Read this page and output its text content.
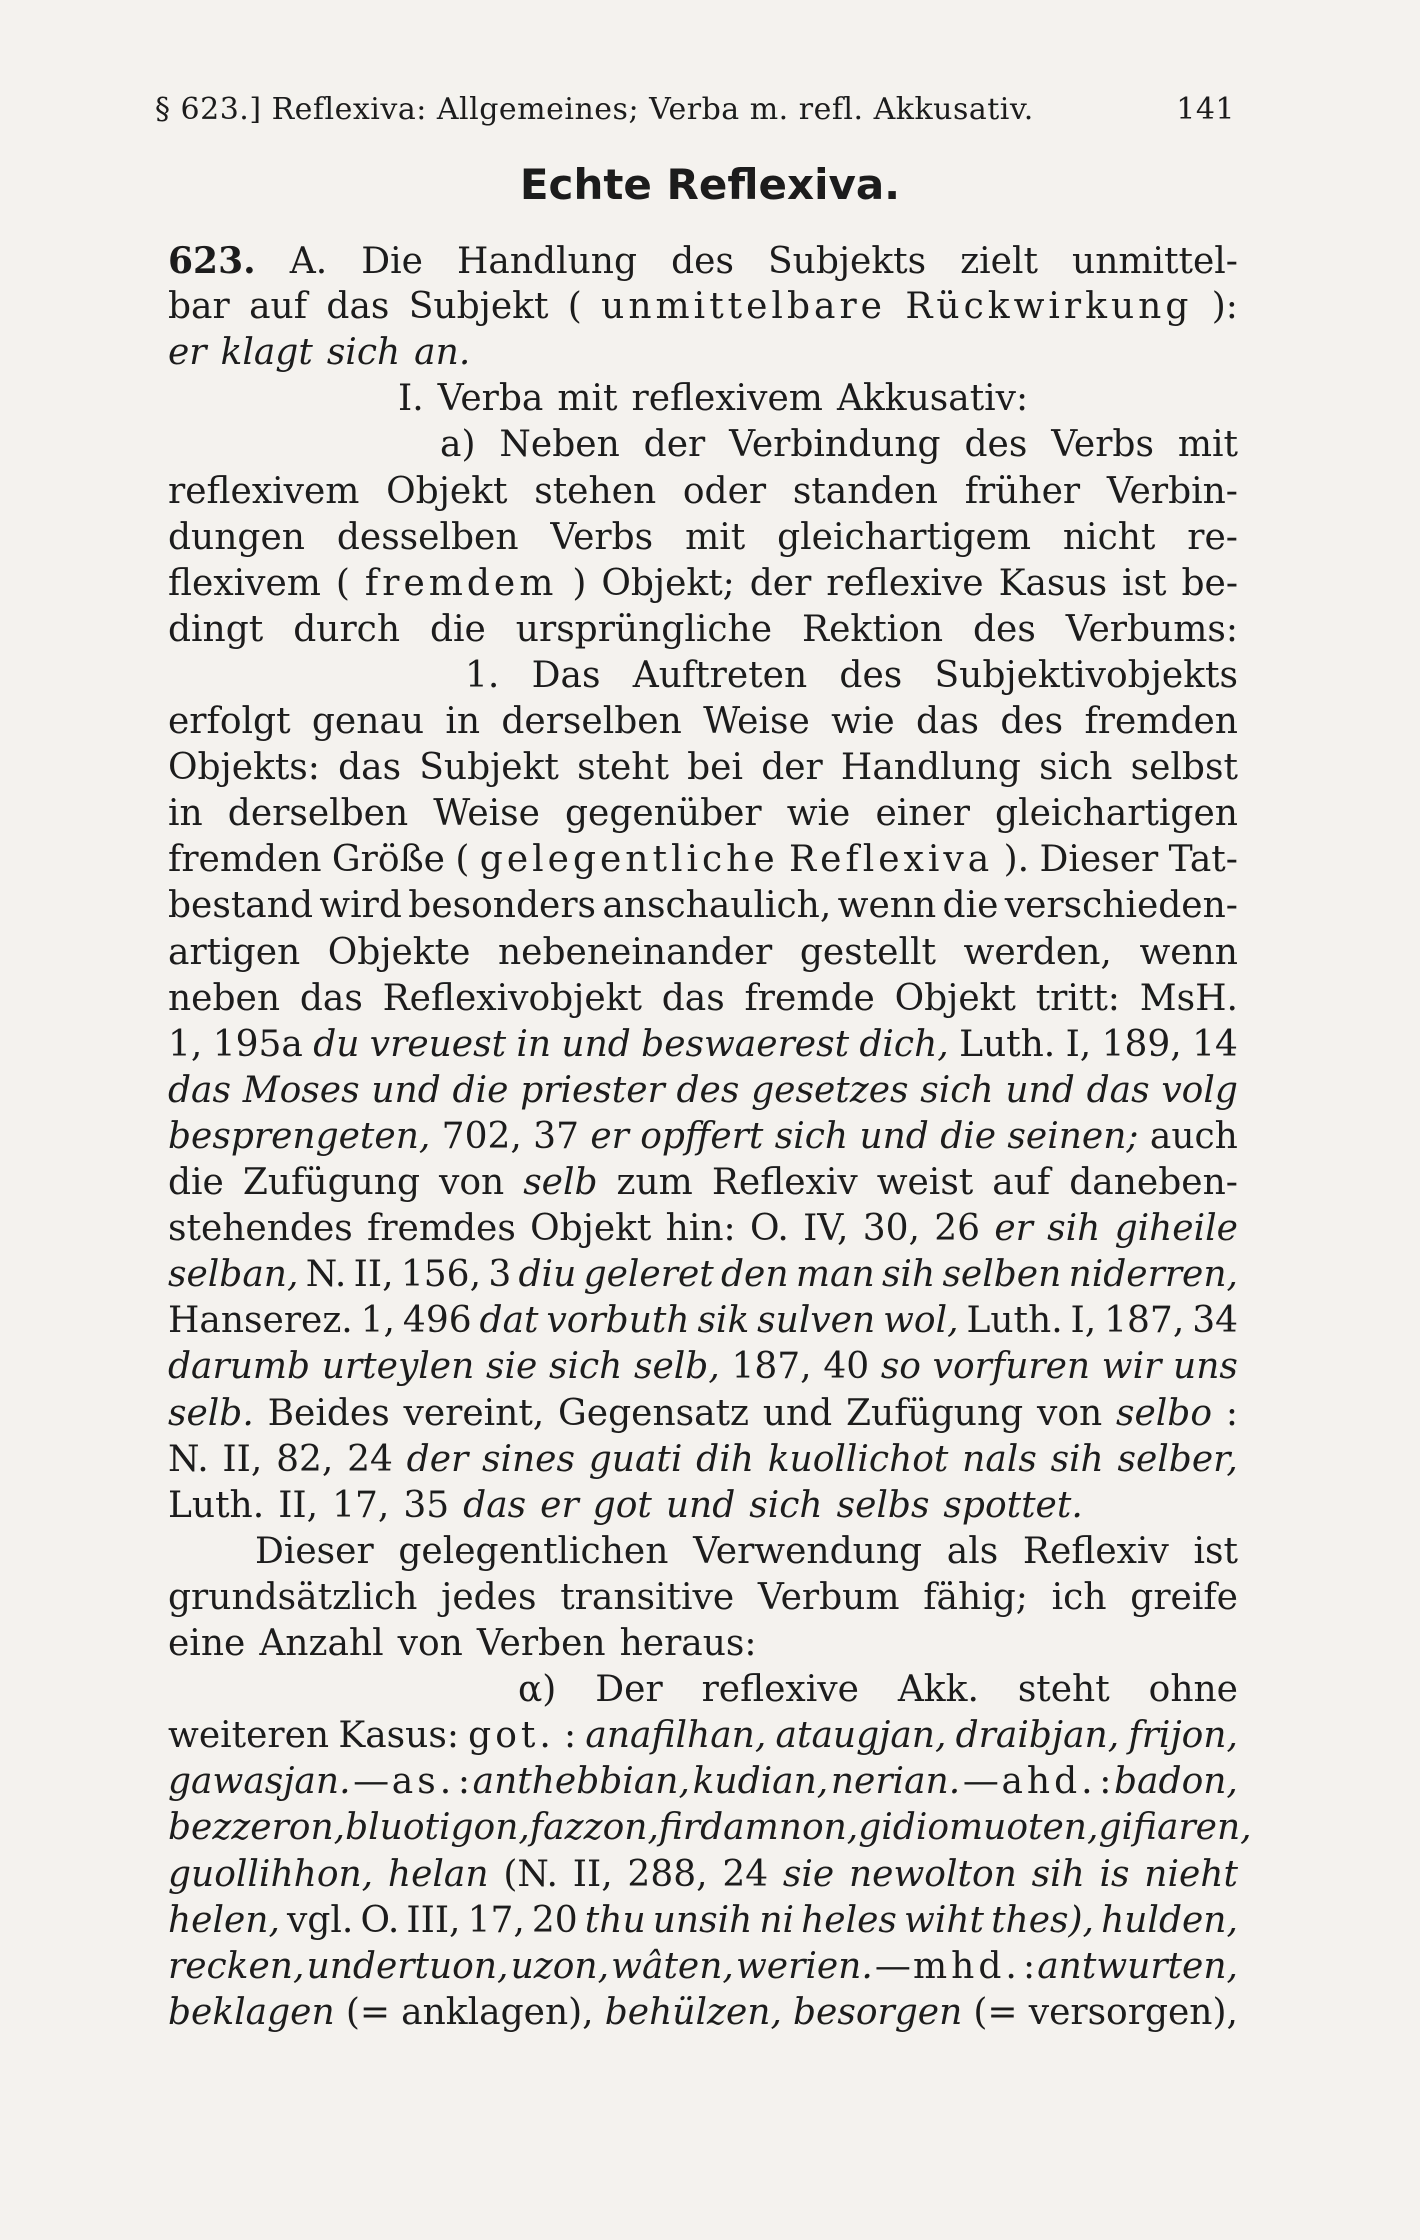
§ 623.] Reflexiva: Allgemeines; Verba m. refl. Akkusativ.	141
Echte Reflexiva.
623. A. Die Handlung des Subjekts zielt unmittel-
bar auf das Subjekt ( unmittelbare Rückwirkung ):
er klagt sich an.
I. Verba mit reflexivem Akkusativ:
a) Neben der Verbindung des Verbs mit
reflexivem Objekt stehen oder standen früher Verbin-
dungen desselben Verbs mit gleichartigem nicht re-
flexivem ( fremdem ) Objekt; der reflexive Kasus ist be-
dingt durch die ursprüngliche Rektion des Verbums:
1. Das Auftreten des Subjektivobjekts
erfolgt genau in derselben Weise wie das des fremden
Objekts: das Subjekt steht bei der Handlung sich selbst
in derselben Weise gegenüber wie einer gleichartigen
fremden Größe ( gelegentliche Reflexiva ). Dieser Tat-
bestand wird besonders anschaulich, wenn die verschieden-
artigen Objekte nebeneinander gestellt werden, wenn
neben das Reflexivobjekt das fremde Objekt tritt: MsH.
1, 195a du vreuest in und beswaerest dich, Luth. I, 189, 14
das Moses und die priester des gesetzes sich und das volg
besprengeten, 702, 37 er opffert sich und die seinen; auch
die Zufügung von selb zum Reflexiv weist auf daneben-
stehendes fremdes Objekt hin: O. IV, 30, 26 er sih giheile
selban, N. II, 156, 3 diu geleret den man sih selben niderren,
Hanserez. 1, 496 dat vorbuth sik sulven wol, Luth. I, 187, 34
darumb urteylen sie sich selb, 187, 40 so vorfuren wir uns
selb. Beides vereint, Gegensatz und Zufügung von selbo :
N. II, 82, 24 der sines guati dih kuollichot nals sih selber,
Luth. II, 17, 35 das er got und sich selbs spottet.
Dieser gelegentlichen Verwendung als Reflexiv ist
grundsätzlich jedes transitive Verbum fähig; ich greife
eine Anzahl von Verben heraus:
α) Der reflexive Akk. steht ohne
weiteren Kasus: got. : anafilhan, ataugjan, draibjan, frijon,
gawasjan. — as. : anthebbian, kudian, nerian. — ahd. : badon,
bezzeron, bluotigon, fazzon, firdamnon, gidiomuoten, gifiaren,
guollihhon, helan (N. II, 288, 24 sie newolton sih is nieht
helen, vgl. O. III, 17, 20 thu unsih ni heles wiht thes), hulden,
recken, undertuon, uzon, wâten, werien. — mhd. : antwurten,
beklagen (= anklagen), behülzen, besorgen (= versorgen),
